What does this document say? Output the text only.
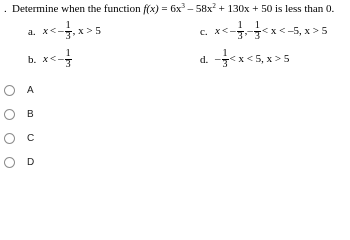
. Determine when the function $f(x) = 6x^3 - 58x^2 + 130x + 50$ is less than 0.
a. x < – $\frac{1}{3}$ , x > 5
b. x < – $\frac{1}{3}$
c. x < – $\frac{1}{3}$ , – $\frac{1}{3} < x < -5$, x > 5
d. – $\frac{1}{3} < x < 5$, x > 5
A
B
C
D
